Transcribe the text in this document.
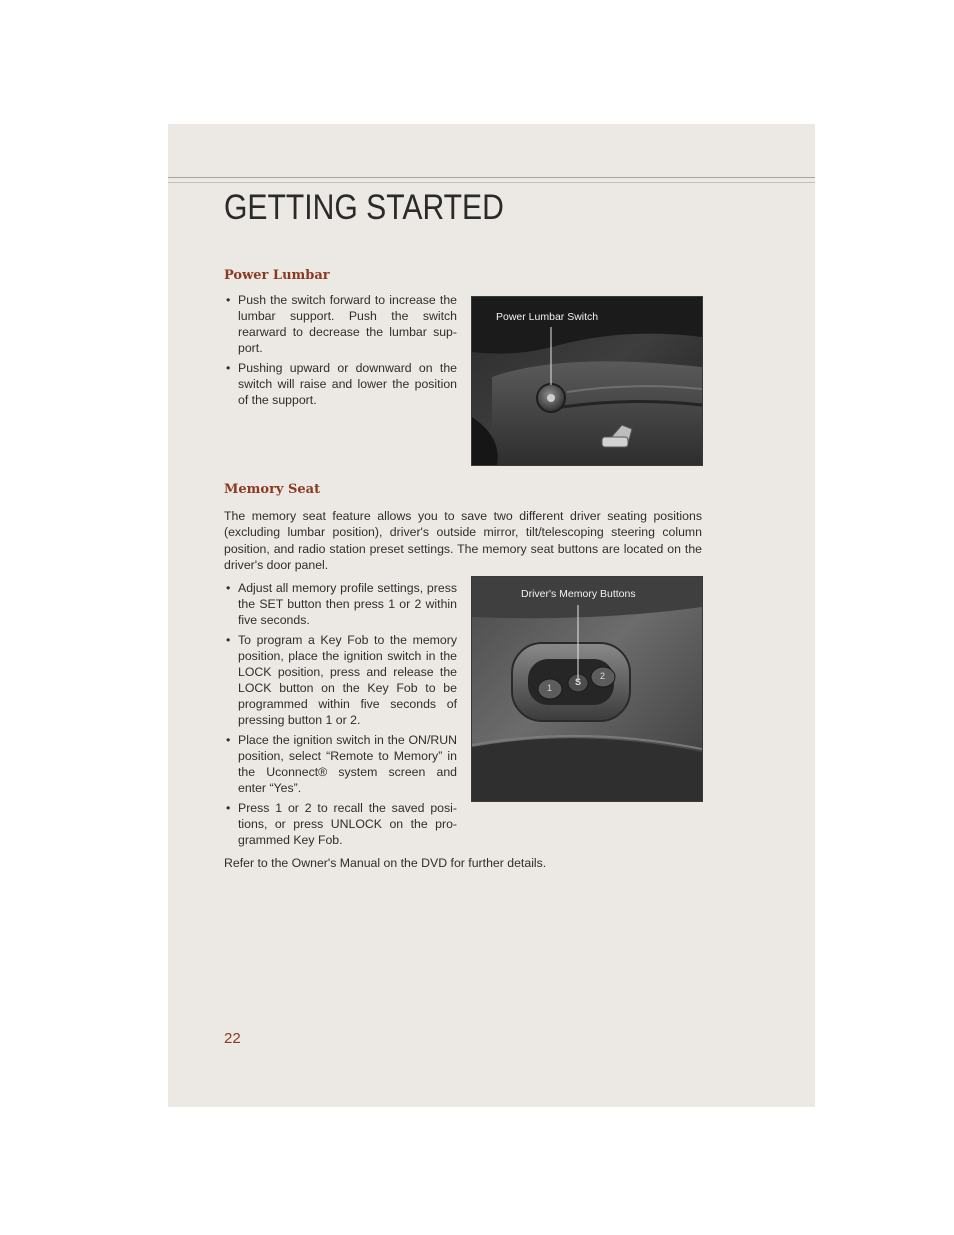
GETTING STARTED
Power Lumbar
• Push the switch forward to increase the lumbar support. Push the switch rearward to decrease the lumbar sup-port.
• Pushing upward or downward on the switch will raise and lower the position of the support.
Power Lumbar Switch
Memory Seat
The memory seat feature allows you to save two different driver seating positions (excluding lumbar position), driver's outside mirror, tilt/telescoping steering column position, and radio station preset settings. The memory seat buttons are located on the driver's door panel.
• Adjust all memory profile settings, press the SET button then press 1 or 2 within five seconds.
• To program a Key Fob to the memory position, place the ignition switch in the LOCK position, press and release the LOCK button on the Key Fob to be programmed within five seconds of pressing button 1 or 2.
• Place the ignition switch in the ON/RUN position, select “Remote to Memory” in the Uconnect® system screen and enter “Yes”.
• Press 1 or 2 to recall the saved posi-tions, or press UNLOCK on the pro-grammed Key Fob.
Driver's Memory Buttons
1
S
2
Refer to the Owner's Manual on the DVD for further details.
22
